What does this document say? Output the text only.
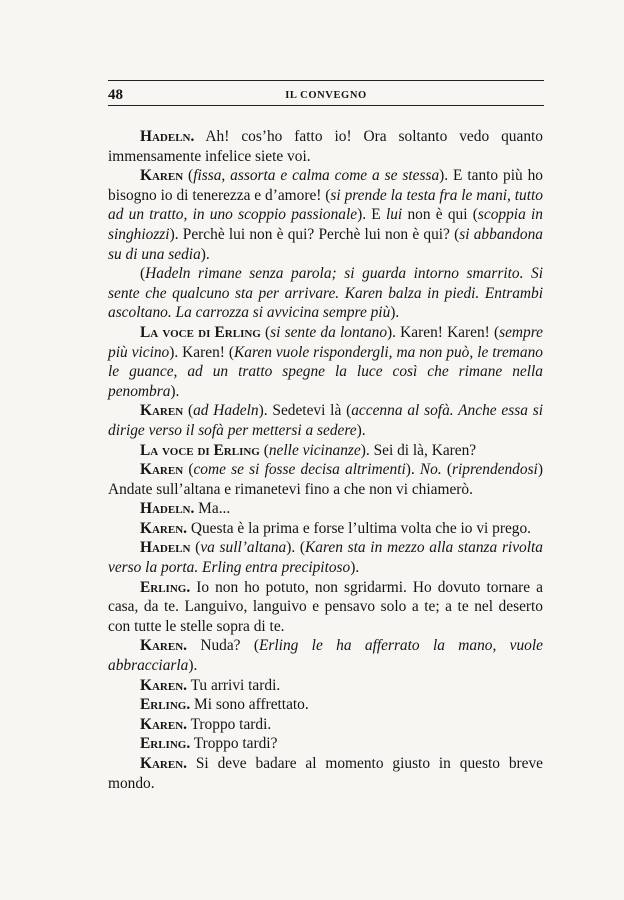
48	IL CONVEGNO

Hadeln. Ah! cos’ho fatto io! Ora soltanto vedo quanto immensamente infelice siete voi.

Karen (fissa, assorta e calma come a se stessa). E tanto più ho bisogno io di tenerezza e d’amore! (si prende la testa fra le mani, tutto ad un tratto, in uno scoppio passionale). E lui non è qui (scoppia in singhiozzi). Perchè lui non è qui? Perchè lui non è qui? (si abbandona su di una sedia).

(Hadeln rimane senza parola; si guarda intorno smarrito. Si sente che qualcuno sta per arrivare. Karen balza in piedi. Entrambi ascoltano. La carrozza si avvicina sempre più).

La voce di Erling (si sente da lontano). Karen! Karen! (sempre più vicino). Karen! (Karen vuole rispondergli, ma non può, le tremano le guance, ad un tratto spegne la luce così che rimane nella penombra).

Karen (ad Hadeln). Sedetevi là (accenna al sofà. Anche essa si dirige verso il sofà per mettersi a sedere).

La voce di Erling (nelle vicinanze). Sei di là, Karen?

Karen (come se si fosse decisa altrimenti). No. (riprendendosi) Andate sull’altana e rimanetevi fino a che non vi chiamerò.

Hadeln. Ma...

Karen. Questa è la prima e forse l’ultima volta che io vi prego.

Hadeln (va sull’altana). (Karen sta in mezzo alla stanza rivolta verso la porta. Erling entra precipitoso).

Erling. Io non ho potuto, non sgridarmi. Ho dovuto tornare a casa, da te. Languivo, languivo e pensavo solo a te; a te nel deserto con tutte le stelle sopra di te.

Karen. Nuda? (Erling le ha afferrato la mano, vuole abbracciarla).

Karen. Tu arrivi tardi.

Erling. Mi sono affrettato.

Karen. Troppo tardi.

Erling. Troppo tardi?

Karen. Si deve badare al momento giusto in questo breve mondo.
